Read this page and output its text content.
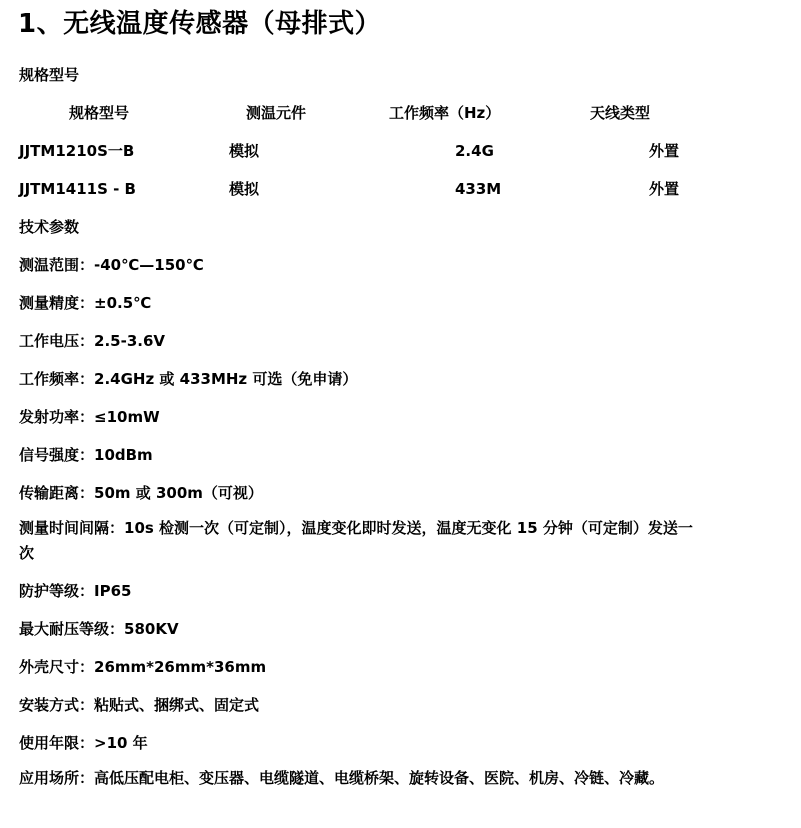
1、无线温度传感器（母排式）
规格型号
规格型号	测温元件	工作频率（Hz）	天线类型
JJTM1210S一B	模拟	2.4G	外置
JJTM1411S - B	模拟	433M	外置
技术参数
测温范围：-40℃—150℃
测量精度：±0.5℃
工作电压：2.5-3.6V
工作频率：2.4GHz 或 433MHz 可选（免申请）
发射功率：≤10mW
信号强度：10dBm
传输距离：50m 或 300m（可视）
测量时间间隔：10s 检测一次（可定制），温度变化即时发送，温度无变化 15 分钟（可定制）发送一次
防护等级：IP65
最大耐压等级：580KV
外壳尺寸：26mm*26mm*36mm
安装方式：粘贴式、捆绑式、固定式
使用年限：>10 年
应用场所：高低压配电柜、变压器、电缆隧道、电缆桥架、旋转设备、医院、机房、冷链、冷藏。
